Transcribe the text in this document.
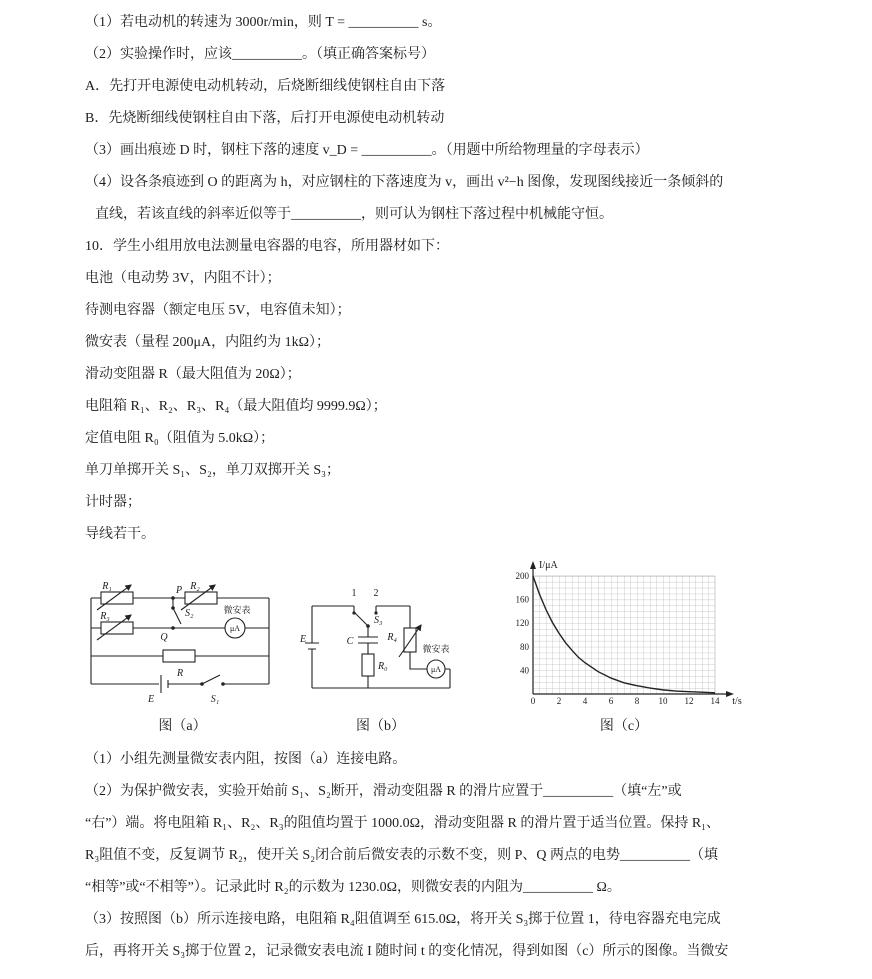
（1）若电动机的转速为 3000r/min，则 T = __________ s。
（2）实验操作时，应该__________。（填正确答案标号）
A．先打开电源使电动机转动，后烧断细线使钢柱自由下落
B．先烧断细线使钢柱自由下落，后打开电源使电动机转动
（3）画出痕迹 D 时，钢柱下落的速度 v_D = __________。（用题中所给物理量的字母表示）
（4）设各条痕迹到 O 的距离为 h，对应钢柱的下落速度为 v，画出 v²−h 图像，发现图线接近一条倾斜的
直线，若该直线的斜率近似等于__________，则可认为钢柱下落过程中机械能守恒。
10．学生小组用放电法测量电容器的电容，所用器材如下：
电池（电动势 3V，内阻不计）；
待测电容器（额定电压 5V，电容值未知）；
微安表（量程 200μA，内阻约为 1kΩ）；
滑动变阻器 R（最大阻值为 20Ω）；
电阻箱 R₁、R₂、R₃、R₄（最大阻值均 9999.9Ω）；
定值电阻 R₀（阻值为 5.0kΩ）；
单刀单掷开关 S₁、S₂，单刀双掷开关 S₃；
计时器；
导线若干。
μA
R₁	R₂
R₃
P
Q
S₂	微安表
R
E	S₁
图（a）
μA
1 2
S₃
E	C
R₀
R₄
微安表
图（b）
I/μA
t/s
40
80
120
160
200
0 2 4 6 8 10 12 14
图（c）
（1）小组先测量微安表内阻，按图（a）连接电路。
（2）为保护微安表，实验开始前 S₁、S₂断开，滑动变阻器 R 的滑片应置于__________（填“左”或
“右”）端。将电阻箱 R₁、R₂、R₃的阻值均置于 1000.0Ω，滑动变阻器 R 的滑片置于适当位置。保持 R₁、
R₃阻值不变，反复调节 R₂，使开关 S₂闭合前后微安表的示数不变，则 P、Q 两点的电势__________（填
“相等”或“不相等”）。记录此时 R₂的示数为 1230.0Ω，则微安表的内阻为__________ Ω。
（3）按照图（b）所示连接电路，电阻箱 R₄阻值调至 615.0Ω，将开关 S₃掷于位置 1，待电容器充电完成
后，再将开关 S₃掷于位置 2，记录微安表电流 I 随时间 t 的变化情况，得到如图（c）所示的图像。当微安
